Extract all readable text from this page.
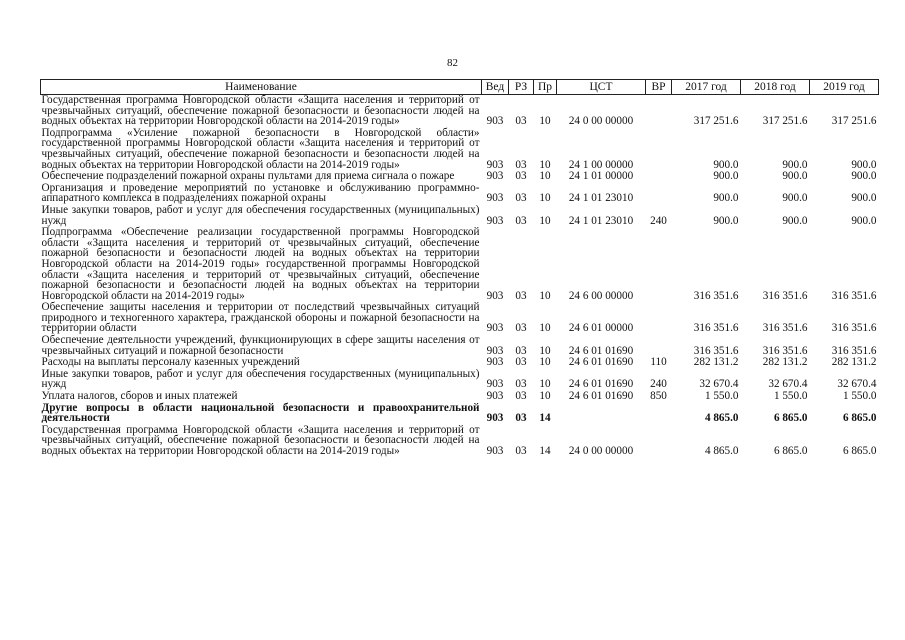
82
Наименование	Вед	РЗ	Пр	ЦСТ	ВР	2017 год	2018 год	2019 год
Государственная программа Новгородской области «Защита населения и территорий от чрезвычайных ситуаций, обеспечение пожарной безопасности и безопасности людей на водных объектах на территории Новгородской области на 2014-2019 годы»	903	03	10	24 0 00 00000		317 251.6	317 251.6	317 251.6
Подпрограмма «Усиление пожарной безопасности в Новгородской области» государственной программы Новгородской области «Защита населения и территорий от чрезвычайных ситуаций, обеспечение пожарной безопасности и безопасности людей на водных объектах на территории Новгородской области на 2014-2019 годы»	903	03	10	24 1 00 00000		900.0	900.0	900.0
Обеспечение подразделений пожарной охраны пультами для приема сигнала о пожаре	903	03	10	24 1 01 00000		900.0	900.0	900.0
Организация и проведение мероприятий по установке и обслуживанию программно-аппаратного комплекса в подразделениях пожарной охраны	903	03	10	24 1 01 23010		900.0	900.0	900.0
Иные закупки товаров, работ и услуг для обеспечения государственных (муниципальных) нужд	903	03	10	24 1 01 23010	240	900.0	900.0	900.0
Подпрограмма «Обеспечение реализации государственной программы Новгородской области «Защита населения и территорий от чрезвычайных ситуаций, обеспечение пожарной безопасности и безопасности людей на водных объектах на территории Новгородской области на 2014-2019 годы» государственной программы Новгородской области «Защита населения и территорий от чрезвычайных ситуаций, обеспечение пожарной безопасности и безопасности людей на водных объектах на территории Новгородской области на 2014-2019 годы»	903	03	10	24 6 00 00000		316 351.6	316 351.6	316 351.6
Обеспечение защиты населения и территории от последствий чрезвычайных ситуаций природного и техногенного характера, гражданской обороны и пожарной безопасности на территории области	903	03	10	24 6 01 00000		316 351.6	316 351.6	316 351.6
Обеспечение деятельности учреждений, функционирующих в сфере защиты населения от чрезвычайных ситуаций и пожарной безопасности	903	03	10	24 6 01 01690		316 351.6	316 351.6	316 351.6
Расходы на выплаты персоналу казенных учреждений	903	03	10	24 6 01 01690	110	282 131.2	282 131.2	282 131.2
Иные закупки товаров, работ и услуг для обеспечения государственных (муниципальных) нужд	903	03	10	24 6 01 01690	240	32 670.4	32 670.4	32 670.4
Уплата налогов, сборов и иных платежей	903	03	10	24 6 01 01690	850	1 550.0	1 550.0	1 550.0
Другие вопросы в области национальной безопасности и правоохранительной деятельности	903	03	14			4 865.0	6 865.0	6 865.0
Государственная программа Новгородской области «Защита населения и территорий от чрезвычайных ситуаций, обеспечение пожарной безопасности и безопасности людей на водных объектах на территории Новгородской области на 2014-2019 годы»	903	03	14	24 0 00 00000		4 865.0	6 865.0	6 865.0
